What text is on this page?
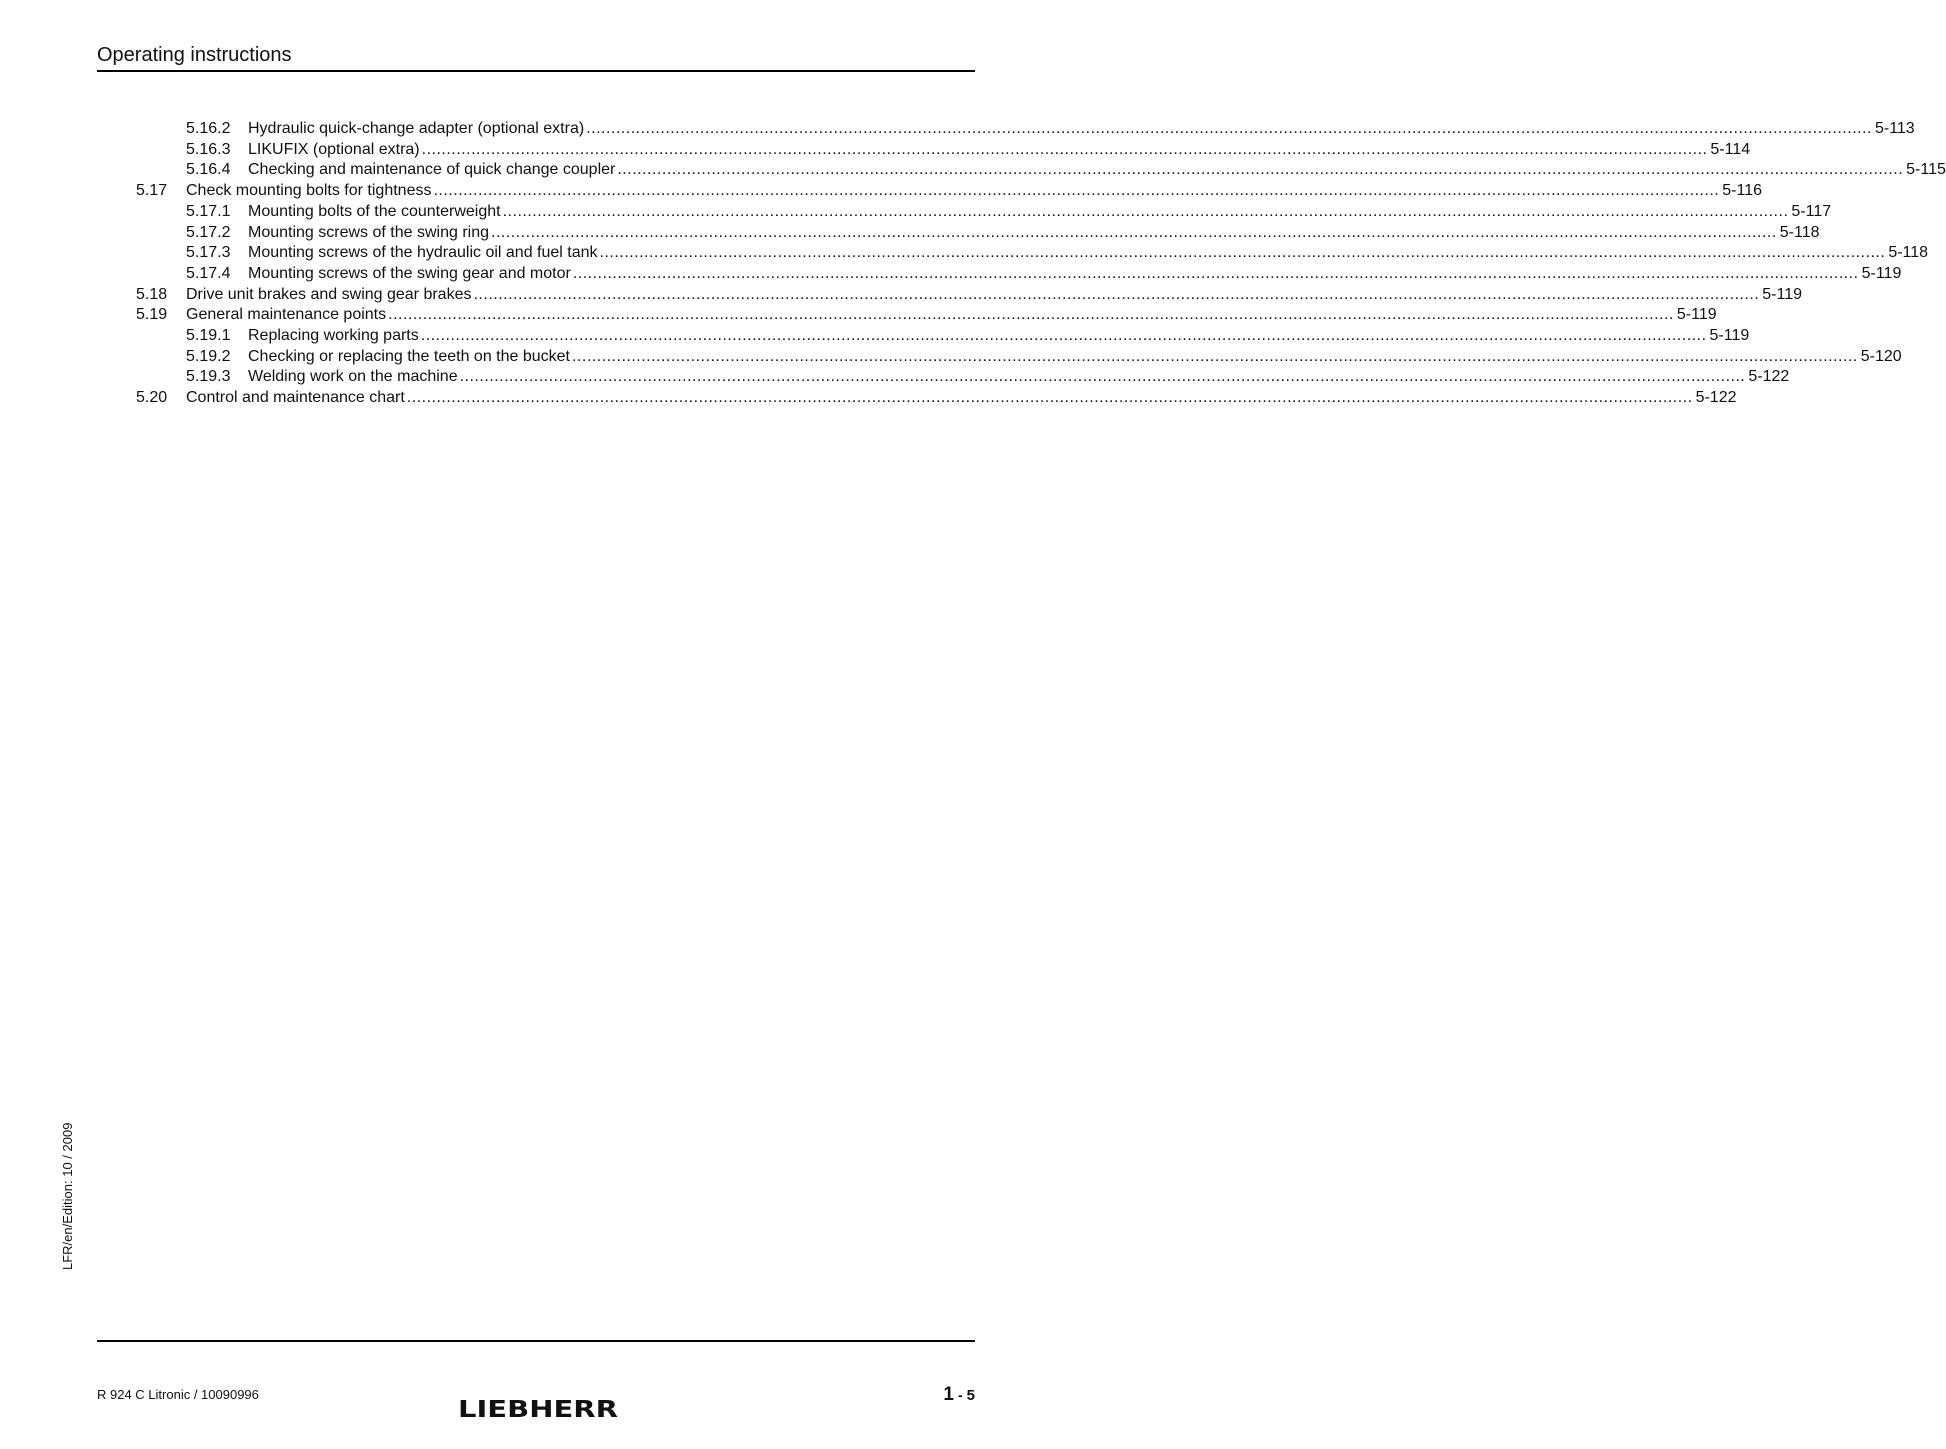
Operating instructions
5.16.2 Hydraulic quick-change adapter (optional extra) .................................................................................................................................................................................................................................................................... 5-113
5.16.3 LIKUFIX (optional extra) .................................................................................................................................................................................................................................................................... 5-114
5.16.4 Checking and maintenance of quick change coupler .................................................................................................................................................................................................................................................................... 5-115
5.17 Check mounting bolts for tightness .................................................................................................................................................................................................................................................................... 5-116
5.17.1 Mounting bolts of the counterweight .................................................................................................................................................................................................................................................................... 5-117
5.17.2 Mounting screws of the swing ring .................................................................................................................................................................................................................................................................... 5-118
5.17.3 Mounting screws of the hydraulic oil and fuel tank .................................................................................................................................................................................................................................................................... 5-118
5.17.4 Mounting screws of the swing gear and motor .................................................................................................................................................................................................................................................................... 5-119
5.18 Drive unit brakes and swing gear brakes .................................................................................................................................................................................................................................................................... 5-119
5.19 General maintenance points .................................................................................................................................................................................................................................................................... 5-119
5.19.1 Replacing working parts .................................................................................................................................................................................................................................................................... 5-119
5.19.2 Checking or replacing the teeth on the bucket .................................................................................................................................................................................................................................................................... 5-120
5.19.3 Welding work on the machine .................................................................................................................................................................................................................................................................... 5-122
5.20 Control and maintenance chart .................................................................................................................................................................................................................................................................... 5-122
LFR/en/Edition: 10 / 2009
R 924 C Litronic / 10090996
LIEBHERR
1 - 5
